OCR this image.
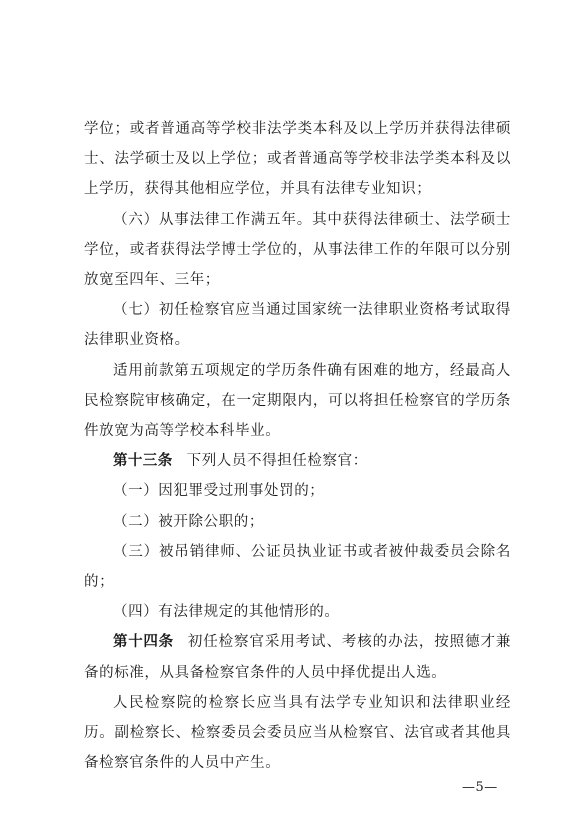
学位；或者普通高等学校非法学类本科及以上学历并获得法律硕士、法学硕士及以上学位；或者普通高等学校非法学类本科及以上学历，获得其他相应学位，并具有法律专业知识；

（六）从事法律工作满五年。其中获得法律硕士、法学硕士学位，或者获得法学博士学位的，从事法律工作的年限可以分别放宽至四年、三年；

（七）初任检察官应当通过国家统一法律职业资格考试取得法律职业资格。

适用前款第五项规定的学历条件确有困难的地方，经最高人民检察院审核确定，在一定期限内，可以将担任检察官的学历条件放宽为高等学校本科毕业。

第十三条 下列人员不得担任检察官：

（一）因犯罪受过刑事处罚的；

（二）被开除公职的；

（三）被吊销律师、公证员执业证书或者被仲裁委员会除名的；

（四）有法律规定的其他情形的。

第十四条 初任检察官采用考试、考核的办法，按照德才兼备的标准，从具备检察官条件的人员中择优提出人选。

人民检察院的检察长应当具有法学专业知识和法律职业经历。副检察长、检察委员会委员应当从检察官、法官或者其他具备检察官条件的人员中产生。

—5—
